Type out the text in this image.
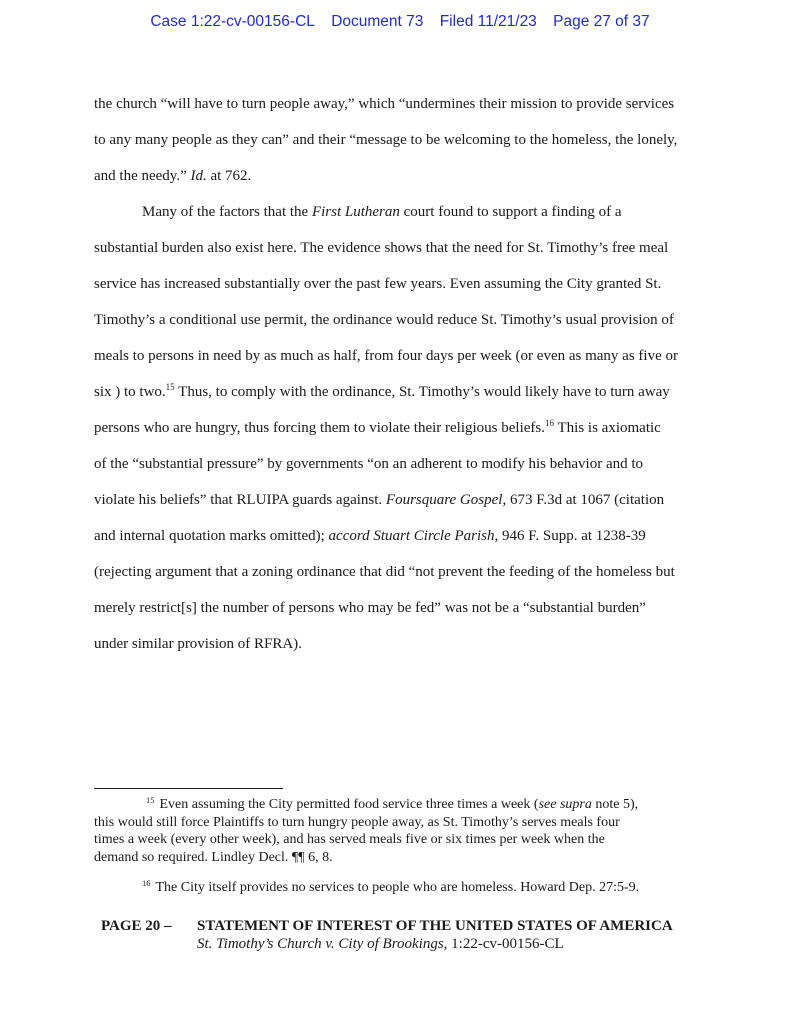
Case 1:22-cv-00156-CL Document 73 Filed 11/21/23 Page 27 of 37
the church “will have to turn people away,” which “undermines their mission to provide services
to any many people as they can” and their “message to be welcoming to the homeless, the lonely,
and the needy.” Id. at 762.
Many of the factors that the First Lutheran court found to support a finding of a
substantial burden also exist here. The evidence shows that the need for St. Timothy’s free meal
service has increased substantially over the past few years. Even assuming the City granted St.
Timothy’s a conditional use permit, the ordinance would reduce St. Timothy’s usual provision of
meals to persons in need by as much as half, from four days per week (or even as many as five or
six ) to two.$^{15}$ Thus, to comply with the ordinance, St. Timothy’s would likely have to turn away
persons who are hungry, thus forcing them to violate their religious beliefs.$^{16}$ This is axiomatic
of the “substantial pressure” by governments “on an adherent to modify his behavior and to
violate his beliefs” that RLUIPA guards against. Foursquare Gospel, 673 F.3d at 1067 (citation
and internal quotation marks omitted); accord Stuart Circle Parish, 946 F. Supp. at 1238-39
(rejecting argument that a zoning ordinance that did “not prevent the feeding of the homeless but
merely restrict[s] the number of persons who may be fed” was not be a “substantial burden”
under similar provision of RFRA).
$^{15}$ Even assuming the City permitted food service three times a week (see supra note 5),
this would still force Plaintiffs to turn hungry people away, as St. Timothy’s serves meals four
times a week (every other week), and has served meals five or six times per week when the
demand so required. Lindley Decl. ¶¶ 6, 8.
$^{16}$ The City itself provides no services to people who are homeless. Howard Dep. 27:5-9.
PAGE 20 – STATEMENT OF INTEREST OF THE UNITED STATES OF AMERICA
St. Timothy’s Church v. City of Brookings, 1:22-cv-00156-CL
